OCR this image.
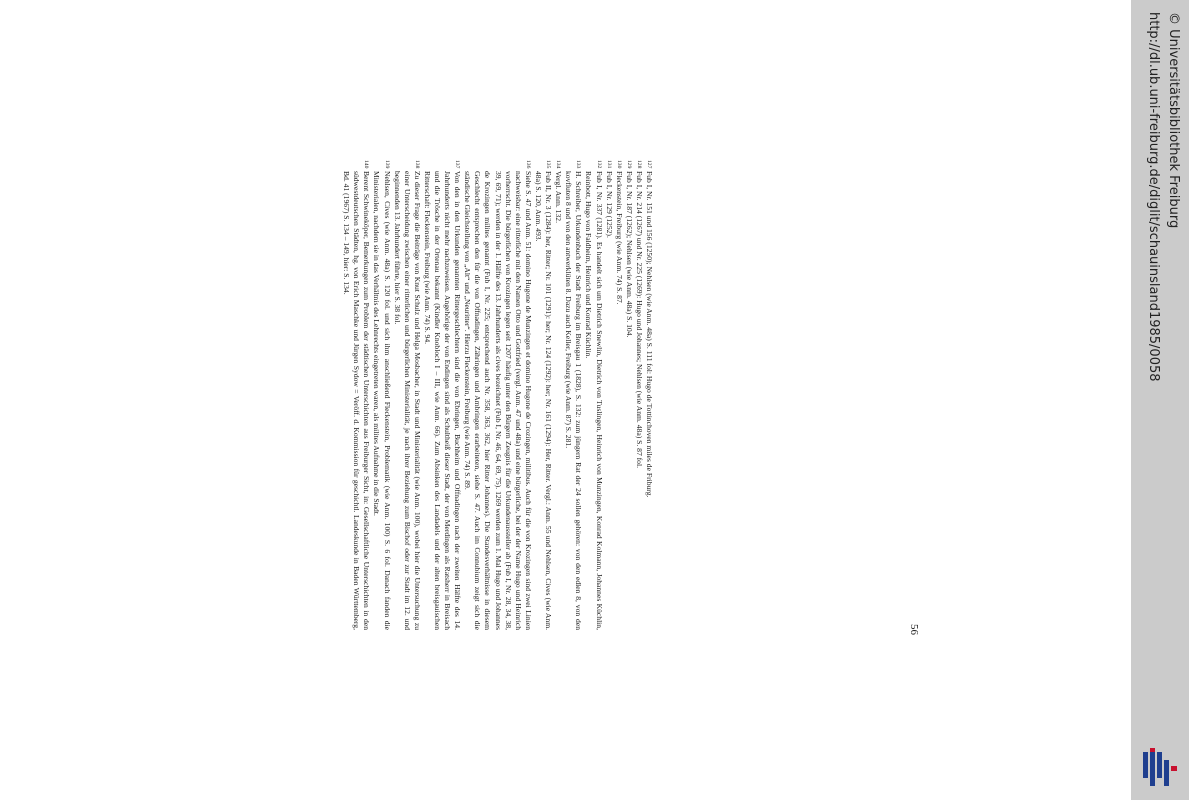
127
Fub I, Nr. 151 und 156 (1250); Nehlsen (wie Anm. 48a) S. 111 fol: Hugo de Tottinchoven miles de Friburg.
128
Fub I, Nr. 214 (1267) und Nr. 225 (1269): Hugo und Johannes; Nehlsen (wie Anm. 48a) S. 87 fol.
129
Fub I, Nr. 187 (1262); Nehlsen (wie Anm. 48a) S. 104.
130
Fleckenstein, Freiburg (wie Anm. 74) S. 87.
131
Fub I, Nr. 129 (1252).
132
Fub I, Nr. 337 (1281). Es handelt sich um Dietrich Snewlin, Dietrich von Tuslingen, Heinrich von Munzingen, Konrad Kolmann, Johannes Küchlin, Reinbott, Hugo von Faldheim, Heinrich und Konrad Küchlin.
133
H. Schreiber, Urkundenbuch der Stadt Freiburg im Breisgau 1 (1828), S. 132: zum jüngern Rat der 24 sollen gehören: von den edlen 8, von den kovfluten 8 und von den antwerklüten 8. Dazu auch Keller, Freiburg (wie Anm. 87) S. 281.
134
Vergl. Anm. 132.
135
Fub II, Nr. 3 (1284): her, Ritter; Nr. 101 (1291): her; Nr. 124 (1292): her; Nr. 161 (1294): Her, Ritter. Vergl.: Anm. 55 und Nehlsen, Cives (wie Anm. 48a) S. 120, Anm. 493.
136
Siehe S. 47 und Anm. 51: domino Hugone de Munzingen et domino Hugone de Crozingen, militibus. Auch für die von Krozingen sind zwei Linien nachweisbar: eine ritterliche mit den Namen Otto und Gottfried (vergl. Anm. 47 und 48a) und eine bürgerliche, bei der der Name Hugo und Heinrich vorherrscht. Die bürgerlichen von Krozingen legen seit 1207 häufig unter den Bürgern Zeugnis für die Urkundenaussteller ab (Fub I, Nr. 28, 34, 38, 39, 69, 71); werden in der 1. Hälfte des 13. Jahrhunderts als cives bezeichnet (Fub I, Nr. 46, 64, 69, 75). 1269 werden zum 1. Mal Hugo und Johannes de Krozingen milites genannt (Fub I, Nr. 225; entsprechend auch Nr. 358, 363, 362, hier Ritter Johannes). Die Standesverhältnisse in diesem Geschlecht entsprechen den für die von Offnadingen, Zähringen und Ambringen erarbeiteten, siehe S. 47. Auch im Connubium zeigt sich die ständische Gleichstellung von „Alt“ und „Neuritter“. Hierzu Fleckenstein, Freiburg (wie Anm. 74) S. 89.
137
Von den in den Urkunden genannten Rittergeschlechtern sind die von Ebringen, Buchheim und Offnadingen nach der zweiten Hälfte des 14. Jahrhunderts nicht mehr nachzuweisen. Angehörige der von Endingen sind als Schultheiß dieser Stadt, der von Merdingen als Ratsherr in Breisach und die Trösche in der Ortenau bekannt (Kindler Knobloch I – III, wie Anm. 66). Zum Absinken des Landadels und der alten breisgauischen Ritterschaft: Fleckenstein, Freiburg (wie Anm. 74) S. 94.
138
Zu dieser Frage die Beiträge von Knut Schulz und Helga Mosbacher, in Stadt und Ministerialität (wie Anm. 100), wobei hier die Untersuchung zu einer Unterscheidung zwischen einer ritterlichen und bürgerlichen Ministerialität, je nach ihrer Beziehung zum Bischof oder zur Stadt im 12. und beginnenden 13. Jahrhundert führte, hier S. 38 fol.
139
Nehlsen, Cives (wie Anm. 48a) S. 120 fol. und sich ihm anschließend Fleckenstein, Problematik (wie Anm. 100) S. 6 fol. Danach fanden die Ministerialen, nachdem sie in das Verhältnis des Lehnrechts eingetreten waren, als milites Aufnahme in die Stadt.
140
Berent Schwineköper, Bemerkungen zum Problem der städtischen Unterschichten aus Freiburger Sicht, in: Gesellschaftliche Unterschichten in den südwestdeutschen Städten, hg. von Erich Maschke und Jürgen Sydow = Veröff. d. Kommission für geschichtl. Landeskunde in Baden Württemberg, Bd. 41 (1967) S. 134 – 149, hier: S. 134.
56
http://dl.ub.uni-freiburg.de/diglit/schauinsland1985/0058 © Universitätsbibliothek Freiburg
